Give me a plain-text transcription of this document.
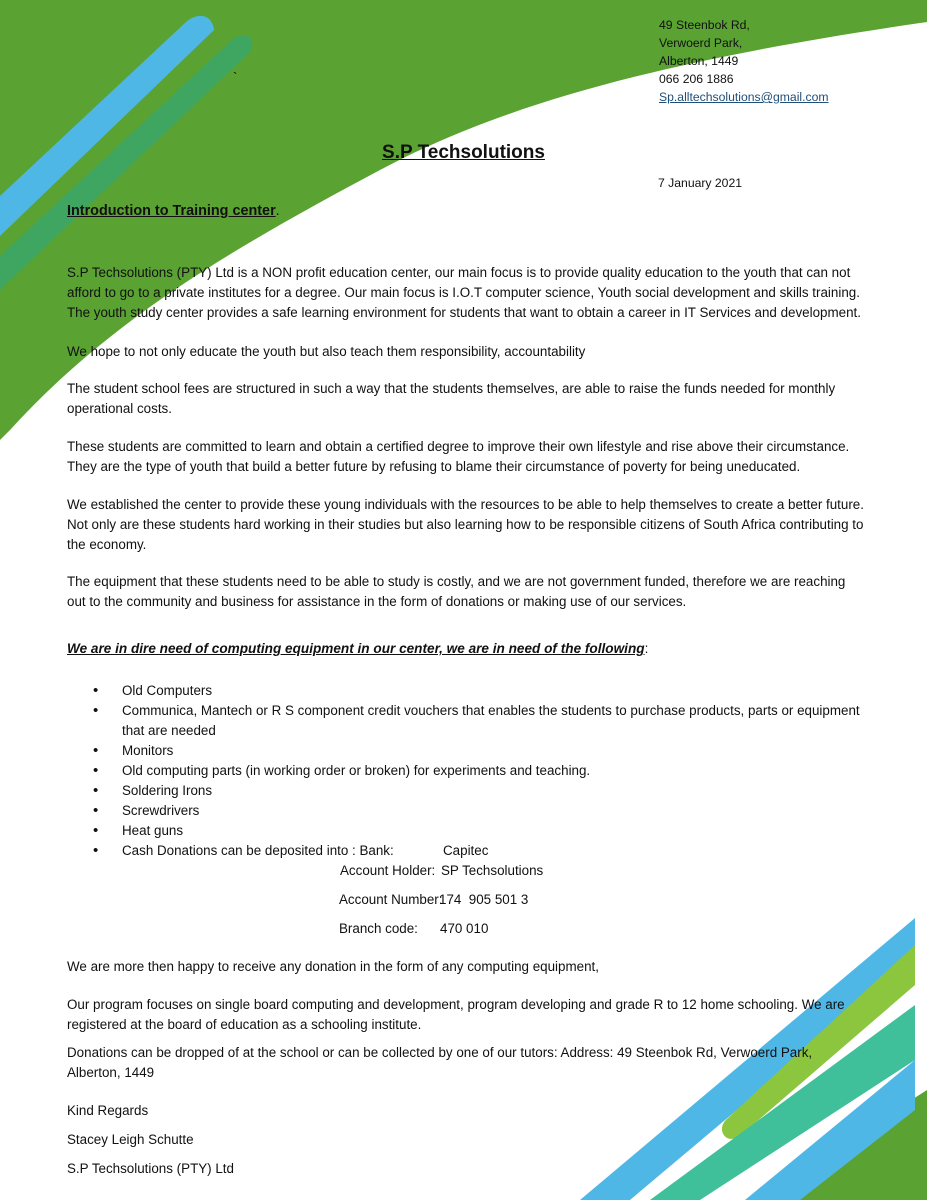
49 Steenbok Rd,
Verwoerd Park,
Alberton, 1449
066 206 1886
Sp.alltechsolutions@gmail.com
`
S.P Techsolutions
7 January 2021
Introduction to Training center.

S.P Techsolutions (PTY) Ltd is a NON profit education center, our main focus is to provide quality education to the youth that can not afford to go to a private institutes for a degree. Our main focus is I.O.T computer science, Youth social development and skills training. The youth study center provides a safe learning environment for students that want to obtain a career in IT Services and development.

We hope to not only educate the youth but also teach them responsibility, accountability

The student school fees are structured in such a way that the students themselves, are able to raise the funds needed for monthly operational costs.

These students are committed to learn and obtain a certified degree to improve their own lifestyle and rise above their circumstance. They are the type of youth that build a better future by refusing to blame their circumstance of poverty for being uneducated.

We established the center to provide these young individuals with the resources to be able to help themselves to create a better future. Not only are these students hard working in their studies but also learning how to be responsible citizens of South Africa contributing to the economy.

The equipment that these students need to be able to study is costly, and we are not government funded, therefore we are reaching out to the community and business for assistance in the form of donations or making use of our services.

We are in dire need of computing equipment in our center, we are in need of the following:
• Old Computers
• Communica, Mantech or R S component credit vouchers that enables the students to purchase products, parts or equipment that are needed
• Monitors
• Old computing parts (in working order or broken) for experiments and teaching.
• Soldering Irons
• Screwdrivers
• Heat guns
• Cash Donations can be deposited into : Bank:	Capitec
Account Holder: SP Techsolutions
Account Number:
174  905 501 3
Branch code: 470 010

We are more then happy to receive any donation in the form of any computing equipment,

Our program focuses on single board computing and development, program developing and grade R to 12 home schooling. We are registered at the board of education as a schooling institute.

Donations can be dropped of at the school or can be collected by one of our tutors: Address: 49 Steenbok Rd, Verwoerd Park, Alberton, 1449

Kind Regards
Stacey Leigh Schutte
S.P Techsolutions (PTY) Ltd
